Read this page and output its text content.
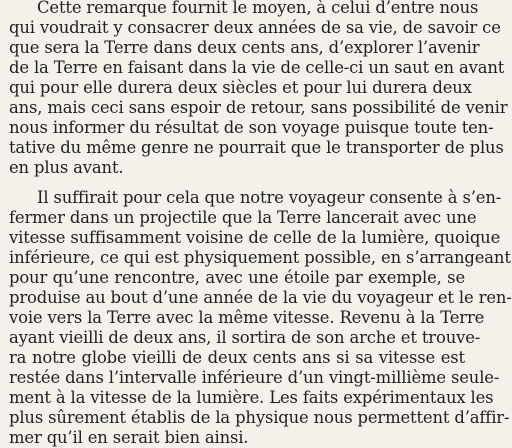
Cette remarque fournit le moyen, à celui d’entre nous
qui voudrait y consacrer deux années de sa vie, de savoir ce
que sera la Terre dans deux cents ans, d’explorer l’avenir
de la Terre en faisant dans la vie de celle-ci un saut en avant
qui pour elle durera deux siècles et pour lui durera deux
ans, mais ceci sans espoir de retour, sans possibilité de venir
nous informer du résultat de son voyage puisque toute ten-
tative du même genre ne pourrait que le transporter de plus
en plus avant.
Il suffirait pour cela que notre voyageur consente à s’en-
fermer dans un projectile que la Terre lancerait avec une
vitesse suffisamment voisine de celle de la lumière, quoique
inférieure, ce qui est physiquement possible, en s’arrangeant
pour qu’une rencontre, avec une étoile par exemple, se
produise au bout d’une année de la vie du voyageur et le ren-
voie vers la Terre avec la même vitesse. Revenu à la Terre
ayant vieilli de deux ans, il sortira de son arche et trouve-
ra notre globe vieilli de deux cents ans si sa vitesse est
restée dans l’intervalle inférieure d’un vingt-millième seule-
ment à la vitesse de la lumière. Les faits expérimentaux les
plus sûrement établis de la physique nous permettent d’affir-
mer qu’il en serait bien ainsi.
